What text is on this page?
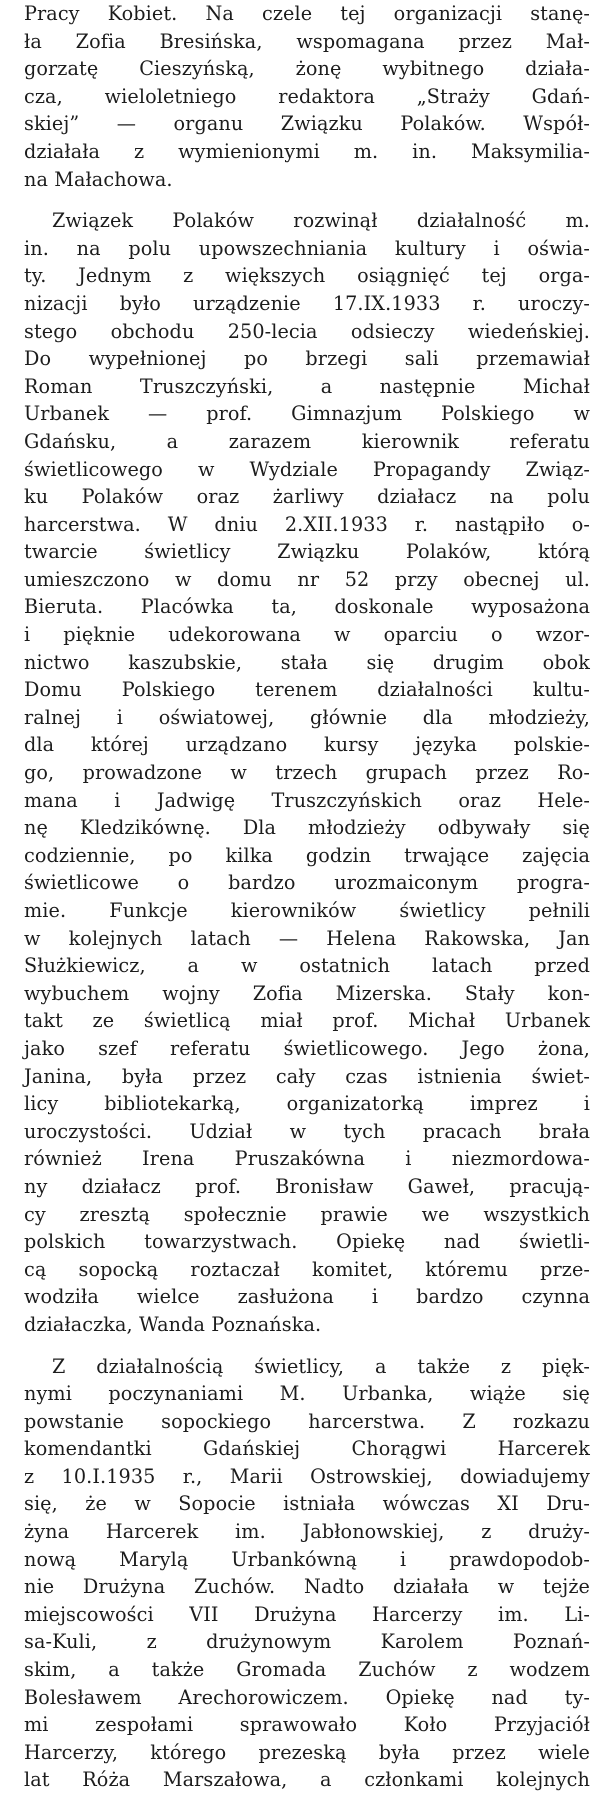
Pracy Kobiet. Na czele tej organizacji stanę-
ła Zofia Bresińska, wspomagana przez Mał-
gorzatę Cieszyńską, żonę wybitnego działa-
cza, wieloletniego redaktora „Straży Gdań-
skiej” — organu Związku Polaków. Współ-
działała z wymienionymi m. in. Maksymilia-
na Małachowa.
Związek Polaków rozwinął działalność m.
in. na polu upowszechniania kultury i oświa-
ty. Jednym z większych osiągnięć tej orga-
nizacji było urządzenie 17.IX.1933 r. uroczy-
stego obchodu 250-lecia odsieczy wiedeńskiej.
Do wypełnionej po brzegi sali przemawiał
Roman Truszczyński, a następnie Michał
Urbanek — prof. Gimnazjum Polskiego w
Gdańsku, a zarazem kierownik referatu
świetlicowego w Wydziale Propagandy Związ-
ku Polaków oraz żarliwy działacz na polu
harcerstwa. W dniu 2.XII.1933 r. nastąpiło o-
twarcie świetlicy Związku Polaków, którą
umieszczono w domu nr 52 przy obecnej ul.
Bieruta. Placówka ta, doskonale wyposażona
i pięknie udekorowana w oparciu o wzor-
nictwo kaszubskie, stała się drugim obok
Domu Polskiego terenem działalności kultu-
ralnej i oświatowej, głównie dla młodzieży,
dla której urządzano kursy języka polskie-
go, prowadzone w trzech grupach przez Ro-
mana i Jadwigę Truszczyńskich oraz Hele-
nę Kledzikównę. Dla młodzieży odbywały się
codziennie, po kilka godzin trwające zajęcia
świetlicowe o bardzo urozmaiconym progra-
mie. Funkcje kierowników świetlicy pełnili
w kolejnych latach — Helena Rakowska, Jan
Służkiewicz, a w ostatnich latach przed
wybuchem wojny Zofia Mizerska. Stały kon-
takt ze świetlicą miał prof. Michał Urbanek
jako szef referatu świetlicowego. Jego żona,
Janina, była przez cały czas istnienia świet-
licy bibliotekarką, organizatorką imprez i
uroczystości. Udział w tych pracach brała
również Irena Pruszakówna i niezmordowa-
ny działacz prof. Bronisław Gaweł, pracują-
cy zresztą społecznie prawie we wszystkich
polskich towarzystwach. Opiekę nad świetli-
cą sopocką roztaczał komitet, któremu prze-
wodziła wielce zasłużona i bardzo czynna
działaczka, Wanda Poznańska.
Z działalnością świetlicy, a także z pięk-
nymi poczynaniami M. Urbanka, wiąże się
powstanie sopockiego harcerstwa. Z rozkazu
komendantki Gdańskiej Chorągwi Harcerek
z 10.I.1935 r., Marii Ostrowskiej, dowiadujemy
się, że w Sopocie istniała wówczas XI Dru-
żyna Harcerek im. Jabłonowskiej, z druży-
nową Marylą Urbankówną i prawdopodob-
nie Drużyna Zuchów. Nadto działała w tejże
miejscowości VII Drużyna Harcerzy im. Li-
sa-Kuli, z drużynowym Karolem Poznań-
skim, a także Gromada Zuchów z wodzem
Bolesławem Arechorowiczem. Opiekę nad ty-
mi zespołami sprawowało Koło Przyjaciół
Harcerzy, którego prezeską była przez wiele
lat Róża Marszałowa, a członkami kolejnych
